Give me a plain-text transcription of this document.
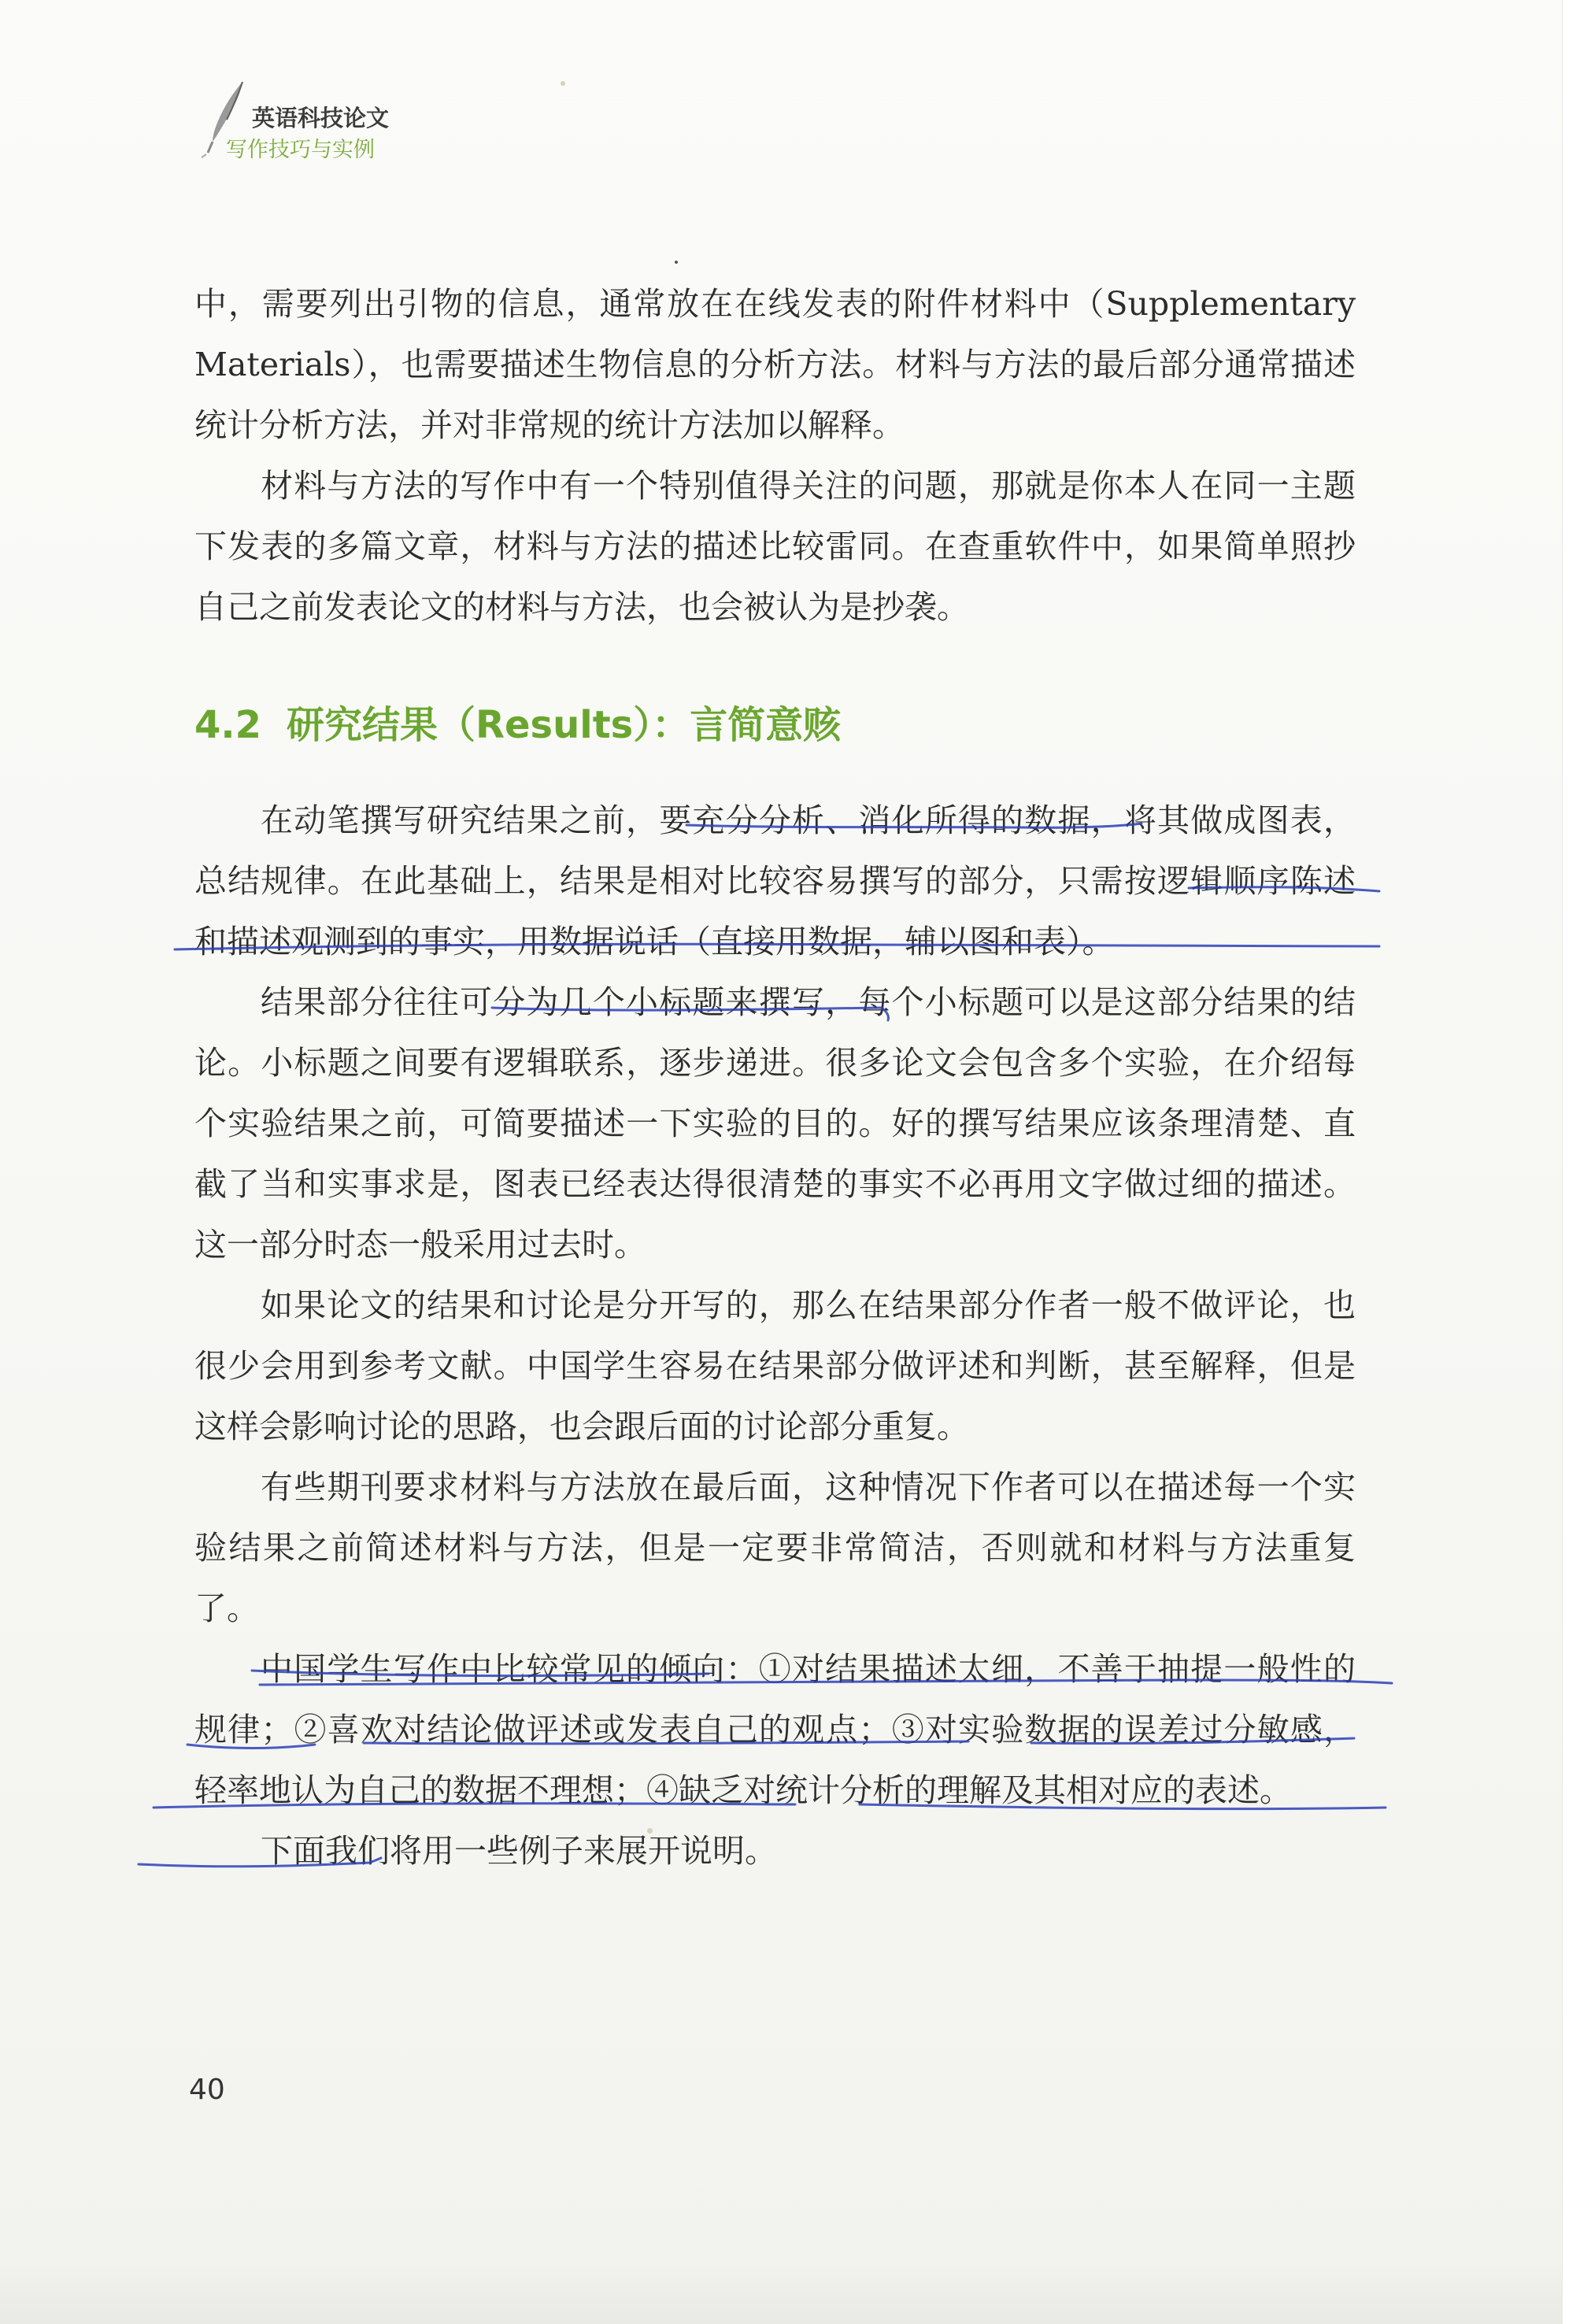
英语科技论文
写作技巧与实例

中，需要列出引物的信息，通常放在在线发表的附件材料中（Supplementary Materials），也需要描述生物信息的分析方法。材料与方法的最后部分通常描述统计分析方法，并对非常规的统计方法加以解释。

材料与方法的写作中有一个特别值得关注的问题，那就是你本人在同一主题下发表的多篇文章，材料与方法的描述比较雷同。在查重软件中，如果简单照抄自己之前发表论文的材料与方法，也会被认为是抄袭。

4.2 研究结果（Results）：言简意赅

在动笔撰写研究结果之前，要充分分析、消化所得的数据，将其做成图表，总结规律。在此基础上，结果是相对比较容易撰写的部分，只需按逻辑顺序陈述和描述观测到的事实，用数据说话（直接用数据，辅以图和表）。

结果部分往往可分为几个小标题来撰写，每个小标题可以是这部分结果的结论。小标题之间要有逻辑联系，逐步递进。很多论文会包含多个实验，在介绍每个实验结果之前，可简要描述一下实验的目的。好的撰写结果应该条理清楚、直截了当和实事求是，图表已经表达得很清楚的事实不必再用文字做过细的描述。这一部分时态一般采用过去时。

如果论文的结果和讨论是分开写的，那么在结果部分作者一般不做评论，也很少会用到参考文献。中国学生容易在结果部分做评述和判断，甚至解释，但是这样会影响讨论的思路，也会跟后面的讨论部分重复。

有些期刊要求材料与方法放在最后面，这种情况下作者可以在描述每一个实验结果之前简述材料与方法，但是一定要非常简洁，否则就和材料与方法重复了。

中国学生写作中比较常见的倾向：①对结果描述太细，不善于抽提一般性的规律；②喜欢对结论做评述或发表自己的观点；③对实验数据的误差过分敏感，轻率地认为自己的数据不理想；④缺乏对统计分析的理解及其相对应的表述。

下面我们将用一些例子来展开说明。

40
